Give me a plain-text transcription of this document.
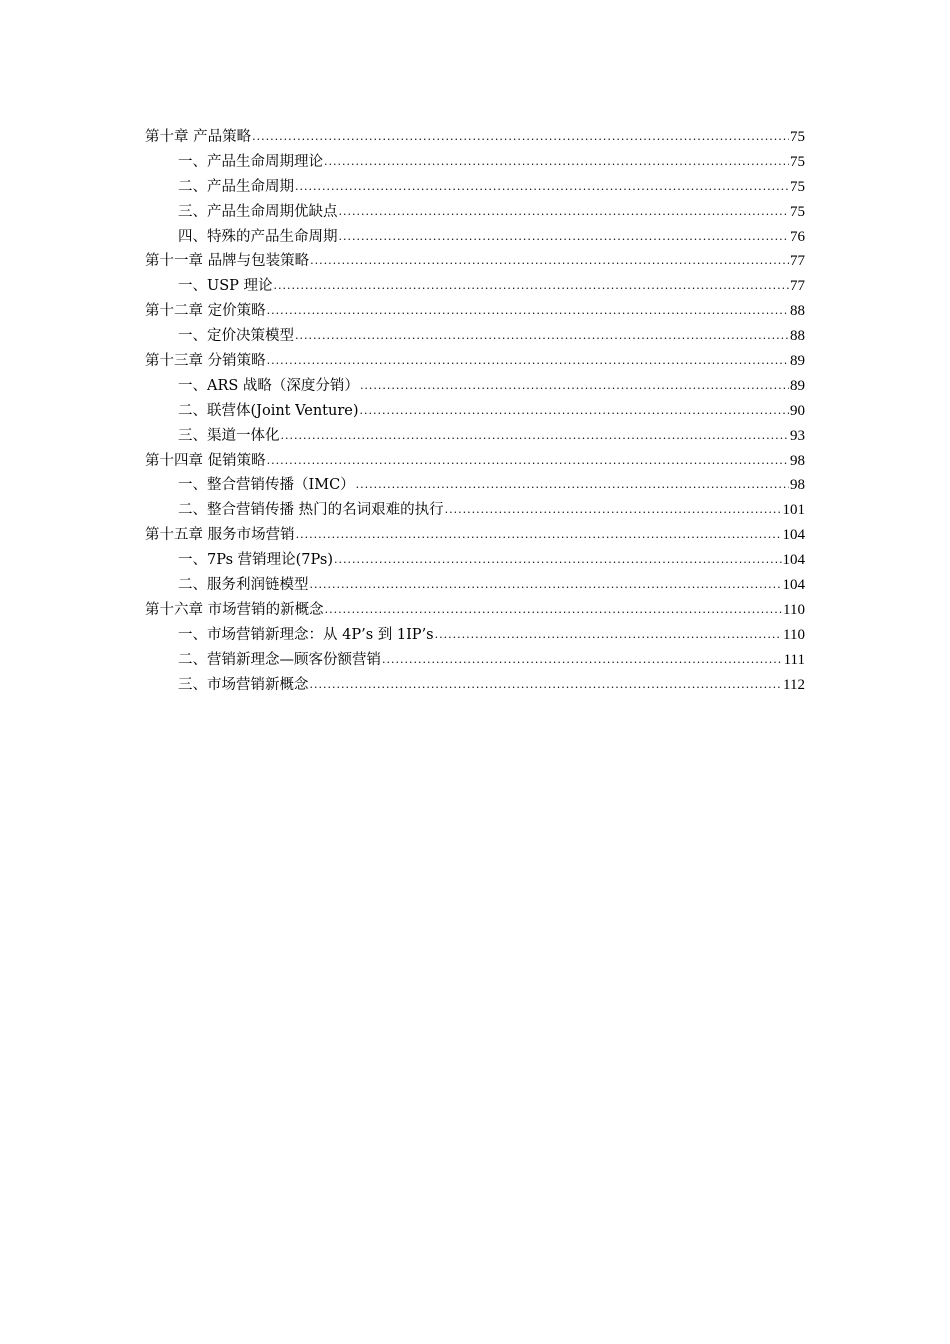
第十章 产品策略 .....	75
一、产品生命周期理论 .....	75
二、产品生命周期 .....	75
三、产品生命周期优缺点 .....	75
四、特殊的产品生命周期 .....	76
第十一章 品牌与包装策略 .....	77
一、USP 理论 .....	77
第十二章 定价策略 .....	88
一、定价决策模型 .....	88
第十三章 分销策略 .....	89
一、ARS 战略（深度分销） .....	89
二、联营体(Joint Venture) .....	90
三、渠道一体化 .....	93
第十四章 促销策略 .....	98
一、整合营销传播（IMC） .....	98
二、整合营销传播 热门的名词艰难的执行 .....	101
第十五章 服务市场营销 .....	104
一、7Ps 营销理论(7Ps) .....	104
二、服务利润链模型 .....	104
第十六章 市场营销的新概念 .....	110
一、市场营销新理念：从 4P’s 到 1IP’s .....	110
二、营销新理念—顾客份额营销 .....	111
三、市场营销新概念 .....	112
